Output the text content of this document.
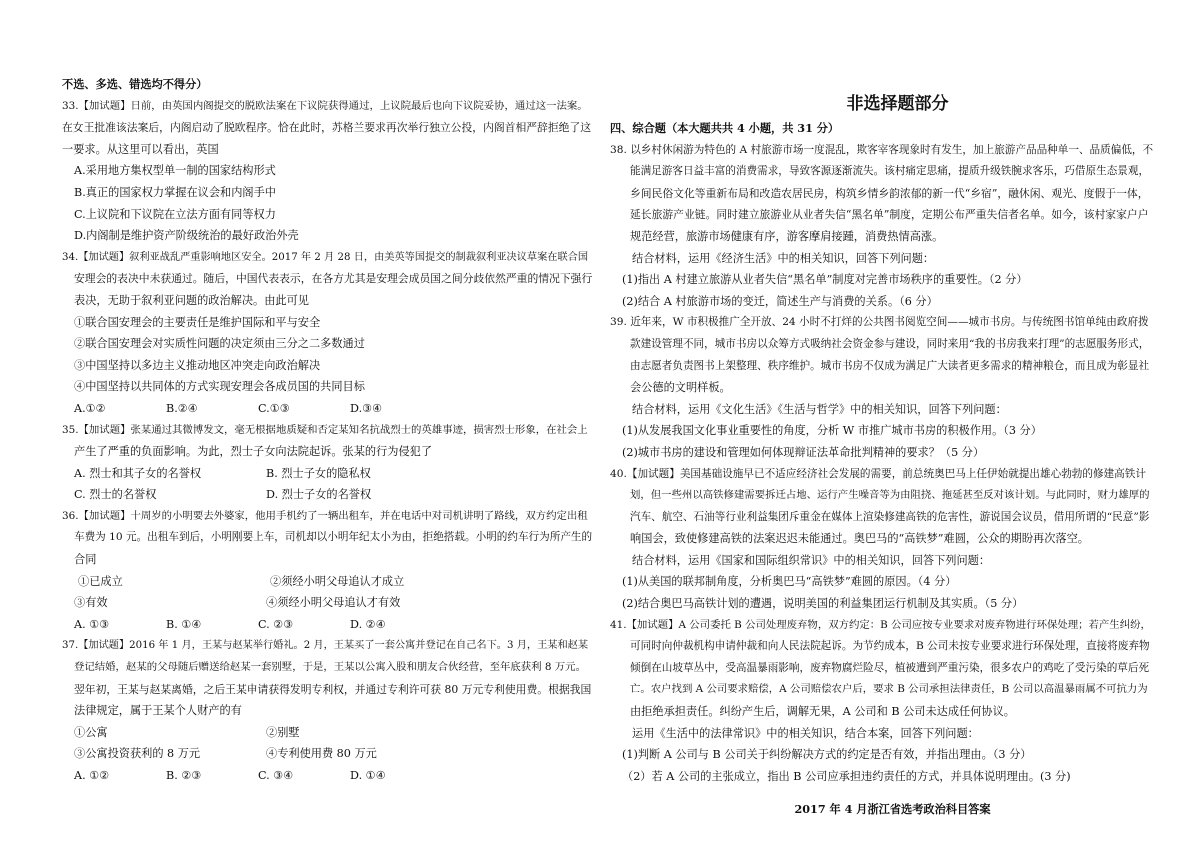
不选、多选、错选均不得分）
33.【加试题】日前，由英国内阁提交的脱欧法案在下议院获得通过，上议院最后也向下议院妥协，通过这一法案。
在女王批准该法案后，内阁启动了脱欧程序。恰在此时，苏格兰要求再次举行独立公投，内阁首相严辞拒绝了这
一要求。从这里可以看出，英国
A.采用地方集权型单一制的国家结构形式
B.真正的国家权力掌握在议会和内阁手中
C.上议院和下议院在立法方面有同等权力
D.内阁制是维护资产阶级统治的最好政治外壳
34.【加试题】叙利亚战乱严重影响地区安全。2017 年 2 月 28 日，由美英等国提交的制裁叙利亚决议草案在联合国
安理会的表决中未获通过。随后，中国代表表示，在各方尤其是安理会成员国之间分歧依然严重的情况下强行
表决，无助于叙利亚问题的政治解决。由此可见
①联合国安理会的主要责任是维护国际和平与安全
②联合国安理会对实质性问题的决定须由三分之二多数通过
③中国坚持以多边主义推动地区冲突走向政治解决
④中国坚持以共同体的方式实现安理会各成员国的共同目标
A.①②	B.②④	C.①③	D.③④
35.【加试题】张某通过其微博发文，毫无根据地质疑和否定某知名抗战烈士的英雄事迹，损害烈士形象，在社会上
产生了严重的负面影响。为此，烈士子女向法院起诉。张某的行为侵犯了
A. 烈士和其子女的名誉权	B. 烈士子女的隐私权
C. 烈士的名誉权	D. 烈士子女的名誉权
36.【加试题】十周岁的小明要去外婆家，他用手机约了一辆出租车，并在电话中对司机讲明了路线，双方约定出租
车费为 10 元。出租车到后，小明刚要上车，司机却以小明年纪太小为由，拒绝搭载。小明的约车行为所产生的
合同
①已成立	②须经小明父母追认才成立
③有效	④须经小明父母追认才有效
A. ①③	B. ①④	C. ②③	D. ②④
37.【加试题】2016 年 1 月，王某与赵某举行婚礼。2 月，王某买了一套公寓并登记在自己名下。3 月，王某和赵某
登记结婚，赵某的父母随后赠送给赵某一套别墅，于是，王某以公寓入股和朋友合伙经营，至年底获利 8 万元。
翌年初，王某与赵某离婚，之后王某申请获得发明专利权，并通过专利许可获 80 万元专利使用费。根据我国
法律规定，属于王某个人财产的有
①公寓	②别墅
③公寓投资获利的 8 万元	④专利使用费 80 万元
A. ①②	B. ②③	C. ③④	D. ①④
非选择题部分
四、综合题（本大题共共 4 小题，共 31 分）
38. 以乡村休闲游为特色的 A 村旅游市场一度混乱，欺客宰客现象时有发生，加上旅游产品品种单一、品质偏低，不
能满足游客日益丰富的消费需求，导致客源逐渐流失。该村痛定思痛，提质升级铁腕求客乐，巧借原生态景观，
乡间民俗文化等重新布局和改造农居民房，构筑乡情乡韵浓郁的新一代“乡宿”，融休闲、观光、度假于一体，
延长旅游产业链。同时建立旅游业从业者失信“黑名单”制度，定期公布严重失信者名单。如今，该村家家户户
规范经营，旅游市场健康有序，游客摩肩接踵，消费热情高涨。
结合材料，运用《经济生活》中的相关知识，回答下列问题：
(1)指出 A 村建立旅游从业者失信“黑名单”制度对完善市场秩序的重要性。（2 分）
(2)结合 A 村旅游市场的变迁，简述生产与消费的关系。（6 分）
39. 近年来，W 市积极推广全开放、24 小时不打烊的公共图书阅览空间——城市书房。与传统图书馆单纯由政府拨
款建设管理不同，城市书房以众筹方式吸纳社会资金参与建设，同时来用“我的书房我来打理”的志愿服务形式，
由志愿者负责图书上架整理、秩序维护。城市书房不仅成为满足广大读者更多需求的精神粮仓，而且成为彰显社
会公德的文明样板。
结合材料，运用《文化生活》《生活与哲学》中的相关知识，回答下列问题：
(1)从发展我国文化事业重要性的角度，分析 W 市推广城市书房的积极作用。（3 分）
(2)城市书房的建设和管理如何体现辩证法革命批判精神的要求？（5 分）
40.【加试题】美国基础设施早已不适应经济社会发展的需要，前总统奥巴马上任伊始就提出雄心勃勃的修建高铁计
划，但一些州以高铁修建需要拆迁占地、运行产生噪音等为由阻挠、拖延甚至反对该计划。与此同时，财力雄厚的
汽车、航空、石油等行业利益集团斥重金在媒体上渲染修建高铁的危害性，游说国会议员，借用所谓的“民意”影
响国会，致使修建高铁的法案迟迟未能通过。奥巴马的“高铁梦”难圆，公众的期盼再次落空。
结合材料，运用《国家和国际组织常识》中的相关知识，回答下列问题：
(1)从美国的联邦制角度，分析奥巴马“高铁梦”难圆的原因。（4 分）
(2)结合奥巴马高铁计划的遭遇，说明美国的利益集团运行机制及其实质。（5 分）
41.【加试题】A 公司委托 B 公司处理废弃物，双方约定：B 公司应按专业要求对废弃物进行环保处理；若产生纠纷，
可同时向仲裁机构申请仲裁和向人民法院起诉。为节约成本，B 公司未按专业要求进行环保处理，直接将废弃物
倾倒在山坡草丛中，受高温暴雨影响，废弃物腐烂险尽，植被遭到严重污染，很多农户的鸡吃了受污染的草后死
亡。农户找到 A 公司要求赔偿，A 公司赔偿农户后，要求 B 公司承担法律责任，B 公司以高温暴雨属不可抗力为
由拒绝承担责任。纠纷产生后，调解无果，A 公司和 B 公司未达成任何协议。
运用《生活中的法律常识》中的相关知识，结合本案，回答下列问题：
(1)判断 A 公司与 B 公司关于纠纷解决方式的约定是否有效，并指出理由。（3 分）
（2）若 A 公司的主张成立，指出 B 公司应承担违约责任的方式，并具体说明理由。(3 分)
2017 年 4 月浙江省选考政治科目答案
